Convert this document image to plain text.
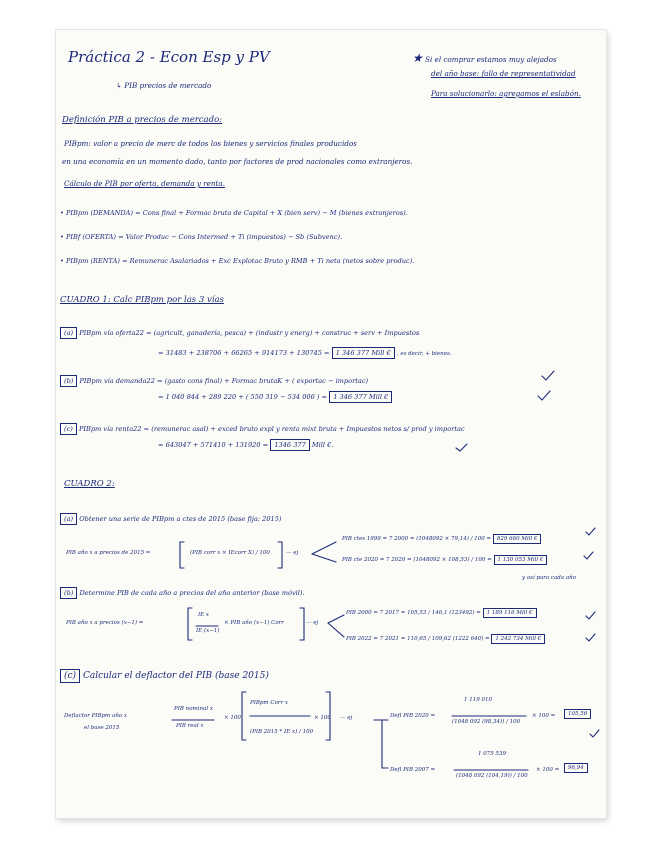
Práctica 2 - Econ Esp y PV
↳ PIB precios de mercado
★ Si el comprar estamos muy alejados
del año base: fallo de representatividad
Para solucionarlo: agregamos el eslabón.
Definición PIB a precios de mercado:
PIBpm: valor a precio de merc de todos los bienes y servicios finales producidos
en una economía en un momento dado, tanto por factores de prod nacionales como extranjeros.
Cálculo de PIB por oferta, demanda y renta.
• PIBpm (DEMANDA) = Cons final + Formac bruta de Capital + X (bien serv) − M (bienes extranjeros).
• PIBf (OFERTA) = Valor Produc − Cons Intermed + Ti (impuestos) − Sb (Subvenc).
• PIBpm (RENTA) = Remunerac Asalariados + Exc Explotac Bruto y RMB + Ti neta (netos sobre produc).
CUADRO 1: Calc PIBpm por las 3 vías
(a) PIBpm vía oferta22 = (agricult, ganadería, pesca) + (industr y energ) + construc + serv + Impuestos
= 31483 + 238706 + 66265 + 914173 + 130745 = 1 346 377 Mill € , es decir, + bienes.
(b) PIBpm vía demanda22 = (gasto cons final) + Formac brutaK + ( exportac − importac)
= 1 040 844 + 289 220 + ( 550 319 − 534 006 ) = 1 346 377 Mill €
(c) PIBpm vía renta22 = (remunerac asal) + exced bruto expl y renta mixt bruta + Impuestos netos s/ prod y importac
= 643047 + 571410 + 131920 = 1346 377 Mill €.
CUADRO 2:
(a) Obtener una serie de PIBpm a ctes de 2015 (base fija: 2015)
PIB año x a precios de 2015 =	(PIB corr x × IEcorr X) / 100	— ej
PIB ctes 1999 = 7 2000 = (1048092 × 79,14) / 100 = 829 660 Mill €
PIB cte 2020 = 7 2020 = (1048092 × 108,53) / 100 = 1 130 053 Mill €
y así para cada año
(b) Determine PIB de cada año a precios del año anterior (base móvil).
PIB año x a precios (x−1) =
IE x
IE (x−1)
× PIB año (x−1) Corr	— ej
PIB 2000 = 7 2017 = 105,53 / 146,1 (123492) = 1 189 116 Mill €
PIB 2022 = 7 2021 = 110,65 / 109,62 (1222 640) = 1 242 734 Mill €
(c) Calcular el deflactor del PIB (base 2015)
Deflactor PIBpm año x
el base 2015
PIB nominal x
PIB real x
× 100
PIBpm Corr x
(PIB 2015 * IE x) / 100
× 100 — ej	Defl PIB 2020 =
1 119 010
(1048 092 (98,34)) / 100
× 100 =	105,56
Defl PIB 2007 =
1 075 539
(1048 092 (104,19)) / 100
× 100 =	96,94
